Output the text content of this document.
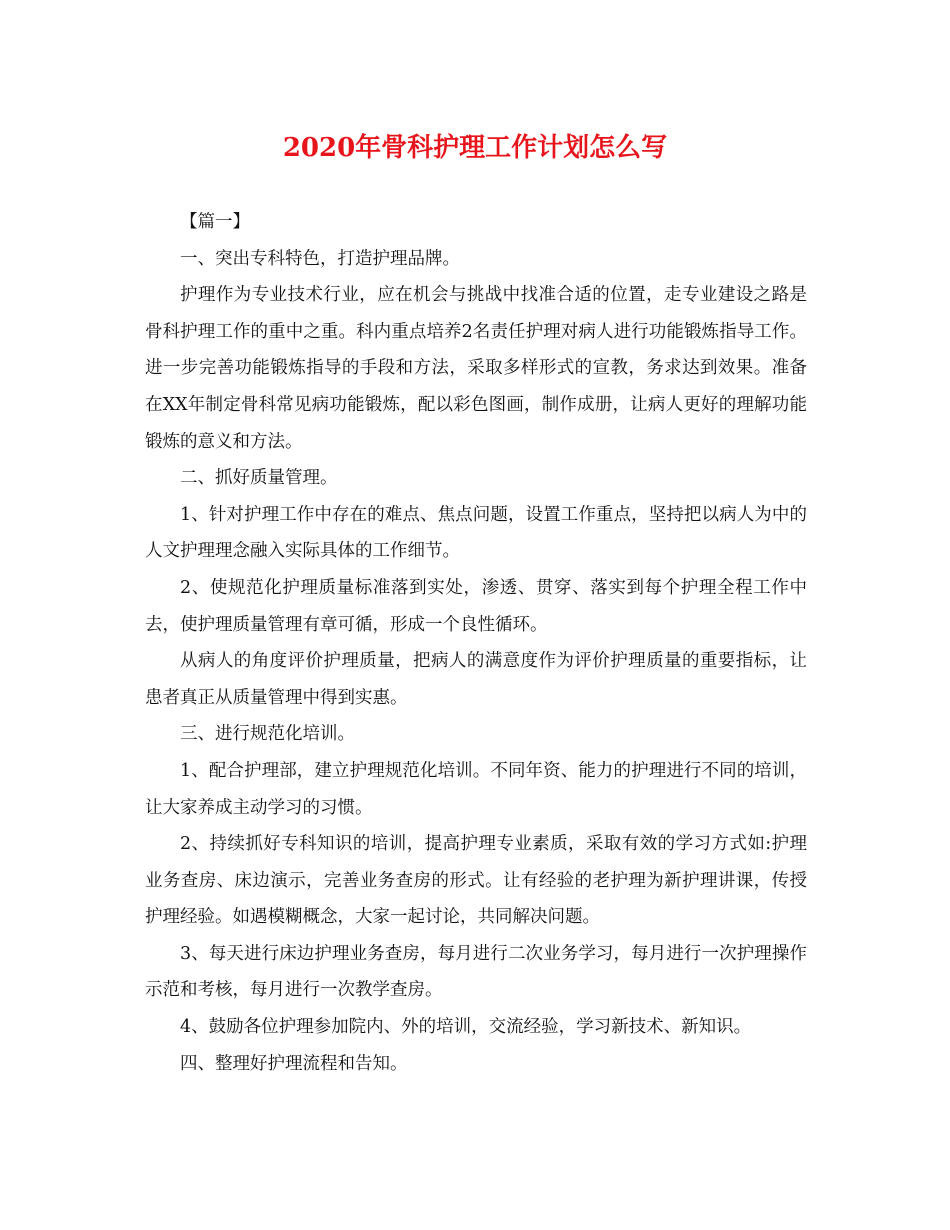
2020年骨科护理工作计划怎么写

【篇一】

一、突出专科特色，打造护理品牌。

护理作为专业技术行业，应在机会与挑战中找准合适的位置，走专业建设之路是骨科护理工作的重中之重。科内重点培养2名责任护理对病人进行功能锻炼指导工作。进一步完善功能锻炼指导的手段和方法，采取多样形式的宣教，务求达到效果。准备在XX年制定骨科常见病功能锻炼，配以彩色图画，制作成册，让病人更好的理解功能锻炼的意义和方法。

二、抓好质量管理。

1、针对护理工作中存在的难点、焦点问题，设置工作重点，坚持把以病人为中的人文护理理念融入实际具体的工作细节。

2、使规范化护理质量标准落到实处，渗透、贯穿、落实到每个护理全程工作中去，使护理质量管理有章可循，形成一个良性循环。

从病人的角度评价护理质量，把病人的满意度作为评价护理质量的重要指标，让患者真正从质量管理中得到实惠。

三、进行规范化培训。

1、配合护理部，建立护理规范化培训。不同年资、能力的护理进行不同的培训，让大家养成主动学习的习惯。

2、持续抓好专科知识的培训，提高护理专业素质，采取有效的学习方式如:护理业务查房、床边演示，完善业务查房的形式。让有经验的老护理为新护理讲课，传授护理经验。如遇模糊概念，大家一起讨论，共同解决问题。

3、每天进行床边护理业务查房，每月进行二次业务学习，每月进行一次护理操作示范和考核，每月进行一次教学查房。

4、鼓励各位护理参加院内、外的培训，交流经验，学习新技术、新知识。

四、整理好护理流程和告知。
